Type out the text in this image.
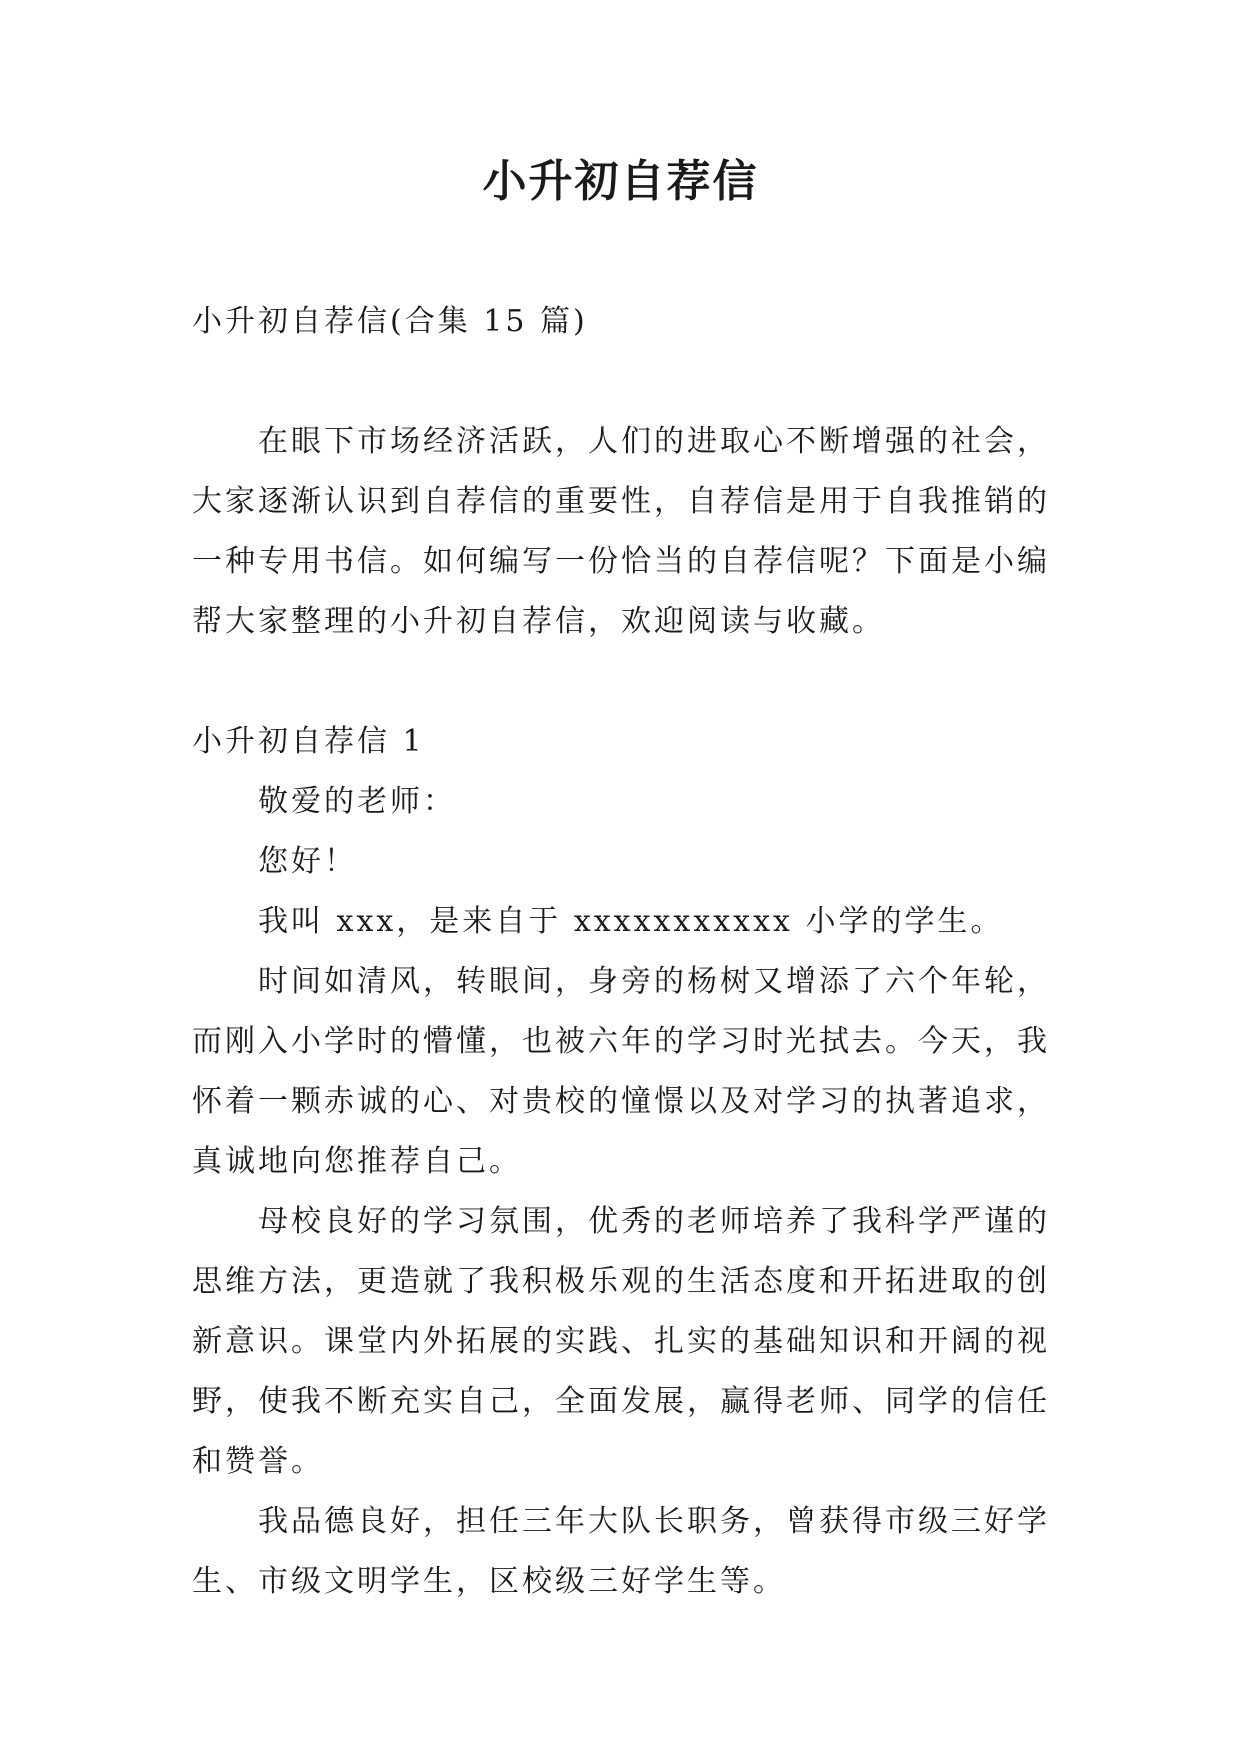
小升初自荐信

小升初自荐信(合集 15 篇)

在眼下市场经济活跃，人们的进取心不断增强的社会，大家逐渐认识到自荐信的重要性，自荐信是用于自我推销的一种专用书信。如何编写一份恰当的自荐信呢？下面是小编帮大家整理的小升初自荐信，欢迎阅读与收藏。

小升初自荐信 1

敬爱的老师：

您好！

我叫 xxx，是来自于 xxxxxxxxxxx 小学的学生。

时间如清风，转眼间，身旁的杨树又增添了六个年轮，而刚入小学时的懵懂，也被六年的学习时光拭去。今天，我怀着一颗赤诚的心、对贵校的憧憬以及对学习的执著追求，真诚地向您推荐自己。

母校良好的学习氛围，优秀的老师培养了我科学严谨的思维方法，更造就了我积极乐观的生活态度和开拓进取的创新意识。课堂内外拓展的实践、扎实的基础知识和开阔的视野，使我不断充实自己，全面发展，赢得老师、同学的信任和赞誉。

我品德良好，担任三年大队长职务，曾获得市级三好学生、市级文明学生，区校级三好学生等。
